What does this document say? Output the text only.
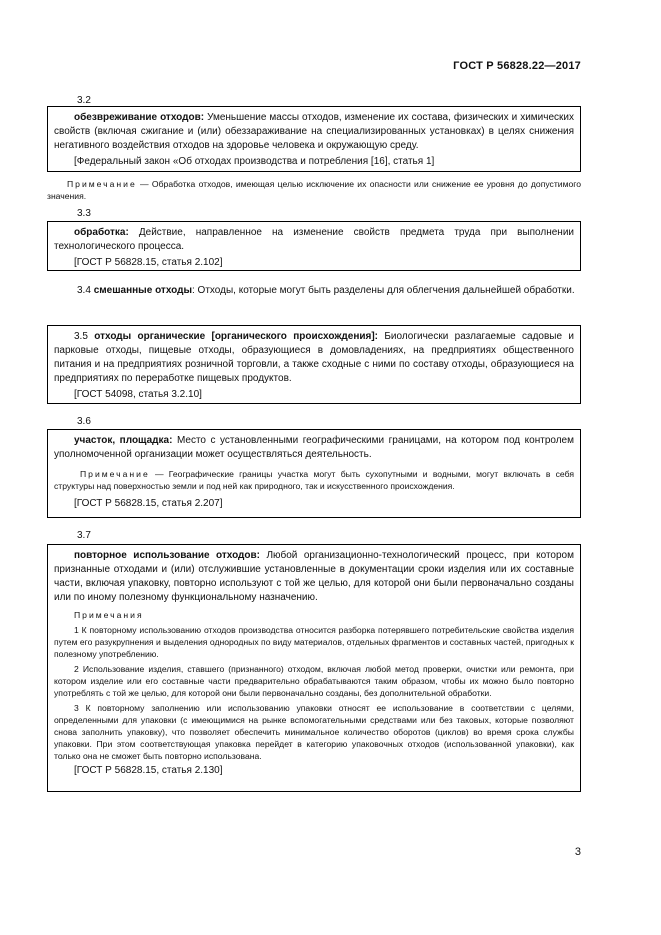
ГОСТ Р 56828.22—2017
3.2

обезвреживание отходов: Уменьшение массы отходов, изменение их состава, физических и химических свойств (включая сжигание и (или) обеззараживание на специализированных установках) в целях снижения негативного воздействия отходов на здоровье человека и окружающую среду.

[Федеральный закон «Об отходах производства и потребления [16], статья 1]

Примечание — Обработка отходов, имеющая целью исключение их опасности или снижение ее уровня до допустимого значения.
3.3

обработка: Действие, направленное на изменение свойств предмета труда при выполнении технологического процесса.

[ГОСТ Р 56828.15, статья 2.102]

3.4 смешанные отходы: Отходы, которые могут быть разделены для облегчения дальнейшей обработки.

3.5 отходы органические [органического происхождения]: Биологически разлагаемые садовые и парковые отходы, пищевые отходы, образующиеся в домовладениях, на предприятиях общественного питания и на предприятиях розничной торговли, а также сходные с ними по составу отходы, образующиеся на предприятиях по переработке пищевых продуктов.

[ГОСТ 54098, статья 3.2.10]

3.6

участок, площадка: Место с установленными географическими границами, на котором под контролем уполномоченной организации может осуществляться деятельность.

Примечание — Географические границы участка могут быть сухопутными и водными, могут включать в себя структуры над поверхностью земли и под ней как природного, так и искусственного происхождения.

[ГОСТ Р 56828.15, статья 2.207]

3.7

повторное использование отходов: Любой организационно-технологический процесс, при котором признанные отходами и (или) отслужившие установленные в документации сроки изделия или их составные части, включая упаковку, повторно используют с той же целью, для которой они были первоначально созданы или по иному полезному функциональному назначению.

Примечания

1 К повторному использованию отходов производства относится разборка потерявшего потребительские свойства изделия путем его разукрупнения и выделения однородных по виду материалов, отдельных фрагментов и составных частей, пригодных к полезному употреблению.

2 Использование изделия, ставшего (признанного) отходом, включая любой метод проверки, очистки или ремонта, при котором изделие или его составные части предварительно обрабатываются таким образом, чтобы их можно было повторно употреблять с той же целью, для которой они были первоначально созданы, без дополнительной обработки.

3 К повторному заполнению или использованию упаковки относят ее использование в соответствии с целями, определенными для упаковки (с имеющимися на рынке вспомогательными средствами или без таковых, которые позволяют снова заполнить упаковку), что позволяет обеспечить минимальное количество оборотов (циклов) во время срока службы упаковки. При этом соответствующая упаковка перейдет в категорию упаковочных отходов (использованной упаковки), как только она не сможет быть повторно использована.

[ГОСТ Р 56828.15, статья 2.130]

3
